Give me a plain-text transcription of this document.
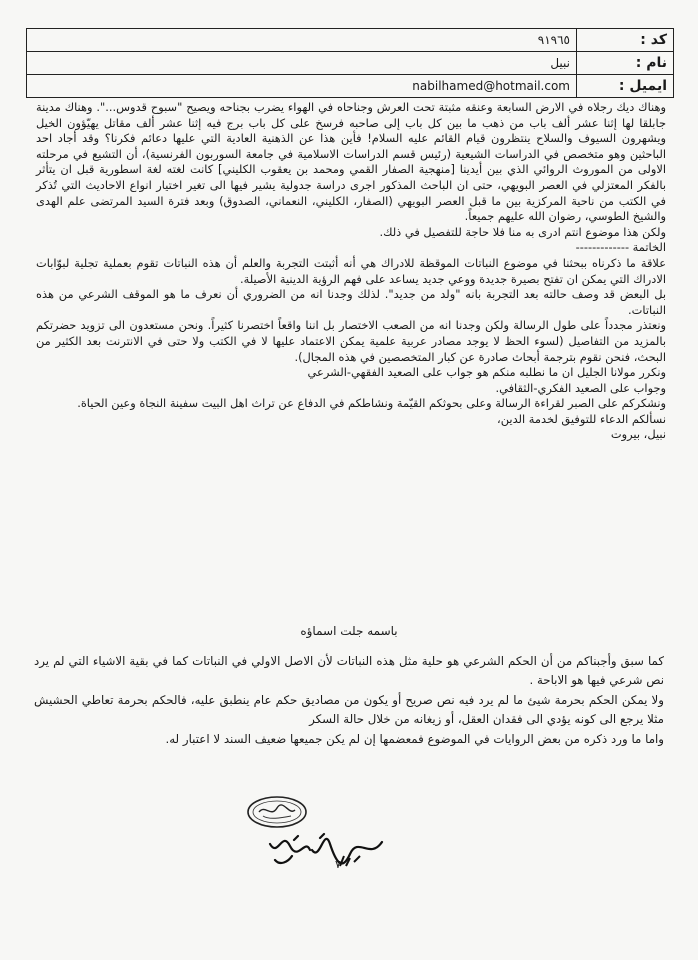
كد :	٩١٩٦٥
نام :	نبيل
ايميل :	nabilhamed@hotmail.com

وهناك ديك رجلاه في الارض السابعة وعنقه مثبتة تحت العرش وجناحاه في الهواء يضرب بجناحه ويصيح "سبوح قدوس...". وهناك مدينة جابلقا لها إثنا عشر ألف باب من ذهب ما بين كل باب إلى صاحبه فرسخ على كل باب برج فيه إثنا عشر ألف مقاتل يهيّؤون الخيل ويشهرون السيوف والسلاح ينتظرون قيام القائم عليه السلام! فأين هذا عن الذهنية العادية التي عليها دعائم فكرنا؟ وقد أجاد احد الباحثين وهو متخصص في الدراسات الشيعية (رئيس قسم الدراسات الاسلامية في جامعة السوربون الفرنسية)، أن التشيع في مرحلته الاولى من الموروث الروائي الذي بين أيدينا [منهجية الصفار القمي ومحمد بن يعقوب الكليني] كانت لغته لغة اسطورية قبل ان يتأثر بالفكر المعتزلي في العصر البويهي، حتى ان الباحث المذكور اجرى دراسة جدولية يشير فيها الى تغير اختيار انواع الاحاديث التي تُذكر في الكتب من ناحية المركزية بين ما قبل العصر البويهي (الصفار، الكليني، النعماني، الصدوق) وبعد فترة السيد المرتضى علم الهدى والشيخ الطوسي، رضوان الله عليهم جميعاً.

ولكن هذا موضوع انتم ادرى به منا فلا حاجة للتفصيل في ذلك.

الخاتمة -------------

علاقة ما ذكرناه ببحثنا في موضوع النباتات الموقظة للادراك هي أنه أثبتت التجربة والعلم أن هذه النباتات تقوم بعملية تجلية لبوّابات الادراك التي يمكن ان تفتح بصيرة جديدة ووعي جديد يساعد على فهم الرؤية الدينية الأصيلة.

بل البعض قد وصف حالته بعد التجربة بانه "ولد من جديد". لذلك وجدنا انه من الضروري أن نعرف ما هو الموقف الشرعي من هذه النباتات.

ونعتذر مجدداً على طول الرسالة ولكن وجدنا انه من الصعب الاختصار بل اننا واقعاً اختصرنا كثيراً. ونحن مستعدون الى تزويد حضرتكم بالمزيد من التفاصيل (لسوء الحظ لا يوجد مصادر عربية علمية يمكن الاعتماد عليها لا في الكتب ولا حتى في الانترنت بعد الكثير من البحث، فنحن نقوم بترجمة أبحاث صادرة عن كبار المتخصصين في هذه المجال).

ونكرر مولانا الجليل ان ما نطلبه منكم هو جواب على الصعيد الفقهي-الشرعي

وجواب على الصعيد الفكري-الثقافي.

ونشكركم على الصبر لقراءة الرسالة وعلى بحوثكم القيّمة ونشاطكم في الدفاع عن تراث اهل البيت سفينة النجاة وعين الحياة.

نسألكم الدعاء للتوفيق لخدمة الدين،

نبيل، بيروت

باسمه جلت اسماؤه

كما سبق وأجبناكم من أن الحكم الشرعي هو حلية مثل هذه النباتات لأن الاصل الاولي في النباتات كما في بقية الاشياء التي لم يرد نص شرعي فيها هو الاباحة .

ولا يمكن الحكم بحرمة شيئ ما لم يرد فيه نص صريح أو يكون من مصاديق حكم عام ينطبق عليه، فالحكم بحرمة تعاطي الحشيش مثلا يرجع الى كونه يؤدي الى فقدان العقل، أو زيغانه من خلال حالة السكر

واما ما ورد ذكره من بعض الروايات في الموضوع فمعضمها إن لم يكن جميعها ضعيف السند لا اعتبار له.

٧
